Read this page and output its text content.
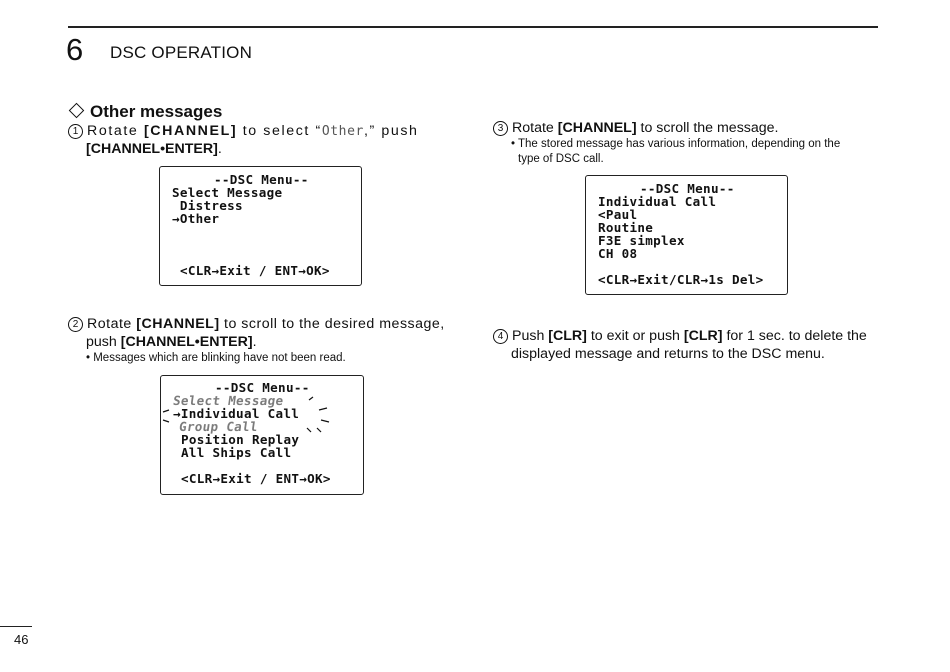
6 DSC OPERATION
Other messages
1 Rotate [CHANNEL] to select “Other,” push
[CHANNEL•ENTER].
--DSC Menu--
Select Message
Distress
→Other
<CLR→Exit / ENT→OK>
2 Rotate [CHANNEL] to scroll to the desired message,
push [CHANNEL•ENTER].
• Messages which are blinking have not been read.
--DSC Menu--
Select Message
→Individual Call
Group Call
Position Replay
All Ships Call
<CLR→Exit / ENT→OK>
3 Rotate [CHANNEL] to scroll the message.
• The stored message has various information, depending on the
type of DSC call.
--DSC Menu--
Individual Call
<Paul
Routine
F3E simplex
CH 08
<CLR→Exit/CLR→1s Del>
4 Push [CLR] to exit or push [CLR] for 1 sec. to delete the
displayed message and returns to the DSC menu.
46
